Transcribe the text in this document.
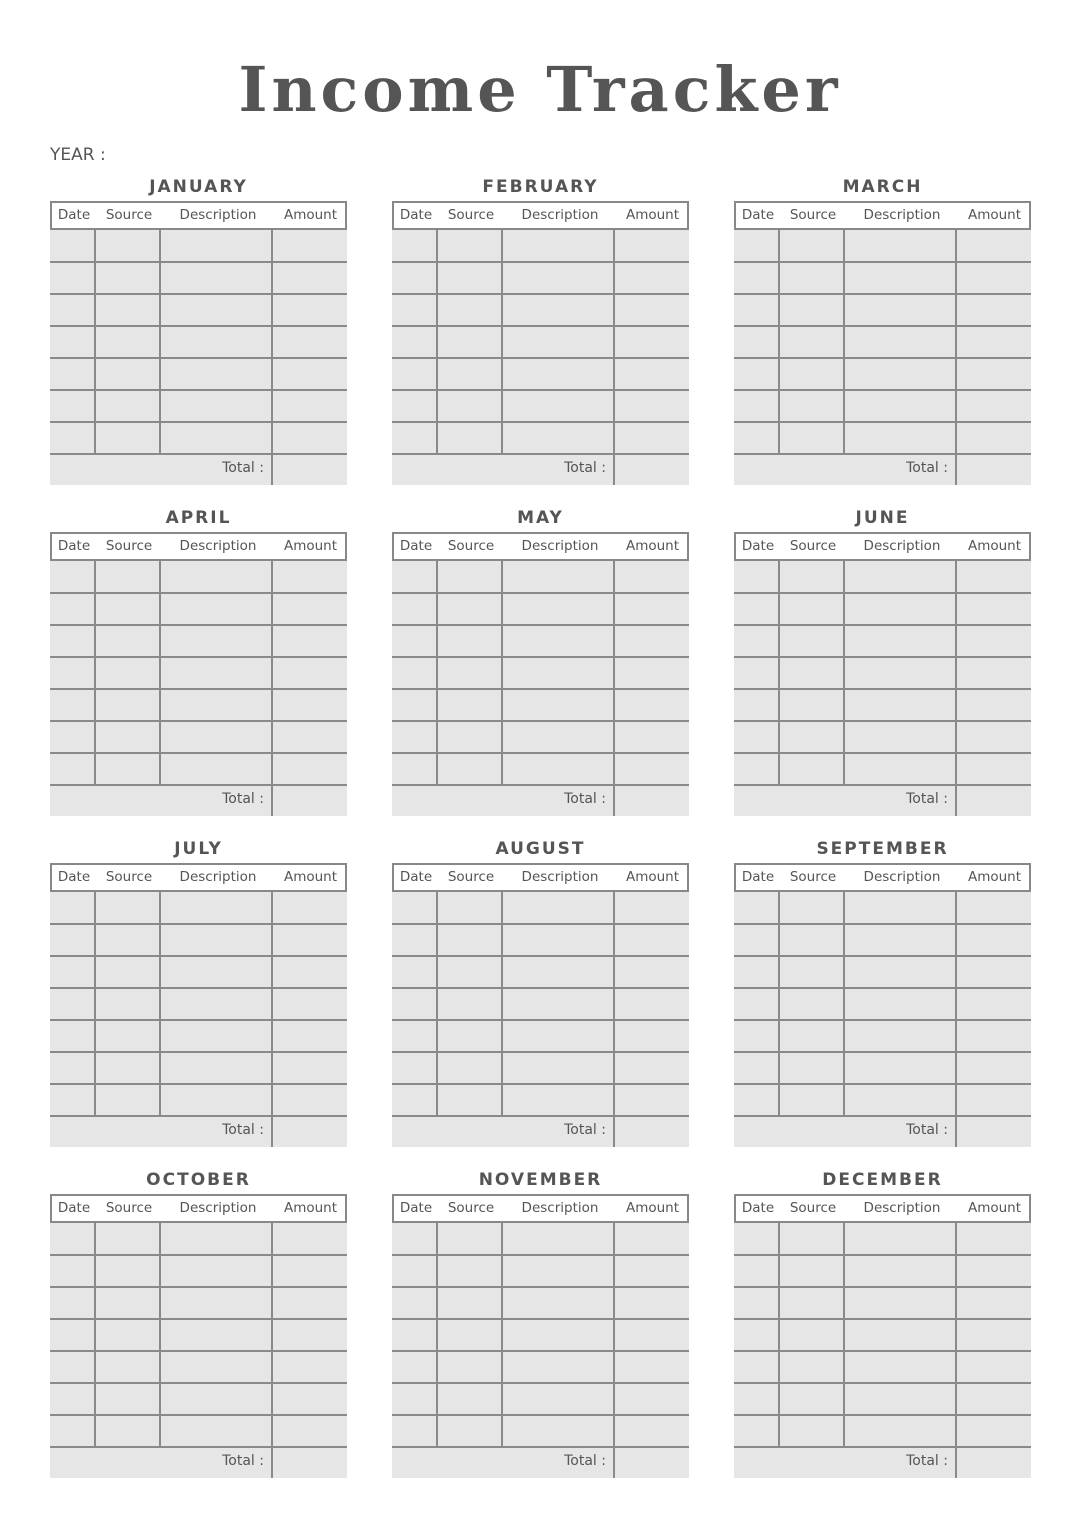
Income Tracker
YEAR :
JANUARY
Date	Source	Description	Amount
Total :
FEBRUARY
Date	Source	Description	Amount
Total :
MARCH
Date	Source	Description	Amount
Total :
APRIL
Date	Source	Description	Amount
Total :
MAY
Date	Source	Description	Amount
Total :
JUNE
Date	Source	Description	Amount
Total :
JULY
Date	Source	Description	Amount
Total :
AUGUST
Date	Source	Description	Amount
Total :
SEPTEMBER
Date	Source	Description	Amount
Total :
OCTOBER
Date	Source	Description	Amount
Total :
NOVEMBER
Date	Source	Description	Amount
Total :
DECEMBER
Date	Source	Description	Amount
Total :
